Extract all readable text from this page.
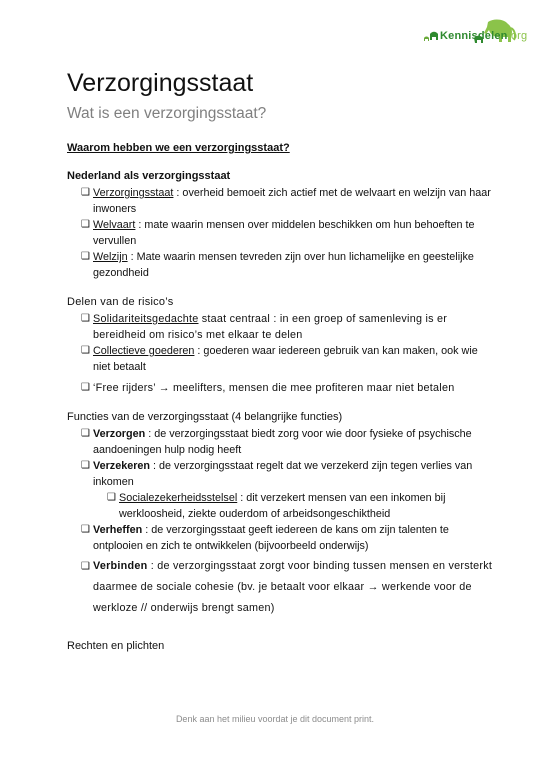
Kennisdelen.org
Verzorgingsstaat
Wat is een verzorgingsstaat?
Waarom hebben we een verzorgingsstaat?
Nederland als verzorgingsstaat
❑ Verzorgingsstaat : overheid bemoeit zich actief met de welvaart en welzijn van haar inwoners
❑ Welvaart : mate waarin mensen over middelen beschikken om hun behoeften te vervullen
❑ Welzijn : Mate waarin mensen tevreden zijn over hun lichamelijke en geestelijke gezondheid
Delen van de risico’s
❑ Solidariteitsgedachte staat centraal : in een groep of samenleving is er bereidheid om risico’s met elkaar te delen
❑ Collectieve goederen : goederen waar iedereen gebruik van kan maken, ook wie niet betaalt
❑ ‘Free rijders’ → meelifters, mensen die mee profiteren maar niet betalen
Functies van de verzorgingsstaat (4 belangrijke functies)
❑ Verzorgen : de verzorgingsstaat biedt zorg voor wie door fysieke of psychische aandoeningen hulp nodig heeft
❑ Verzekeren : de verzorgingsstaat regelt dat we verzekerd zijn tegen verlies van inkomen
❑ Socialezekerheidsstelsel : dit verzekert mensen van een inkomen bij werkloosheid, ziekte ouderdom of arbeidsongeschiktheid
❑ Verheffen : de verzorgingsstaat geeft iedereen de kans om zijn talenten te ontplooien en zich te ontwikkelen (bijvoorbeeld onderwijs)
❑ Verbinden : de verzorgingsstaat zorgt voor binding tussen mensen en versterkt daarmee de sociale cohesie (bv. je betaalt voor elkaar → werkende voor de werkloze // onderwijs brengt samen)
Rechten en plichten
Denk aan het milieu voordat je dit document print.
